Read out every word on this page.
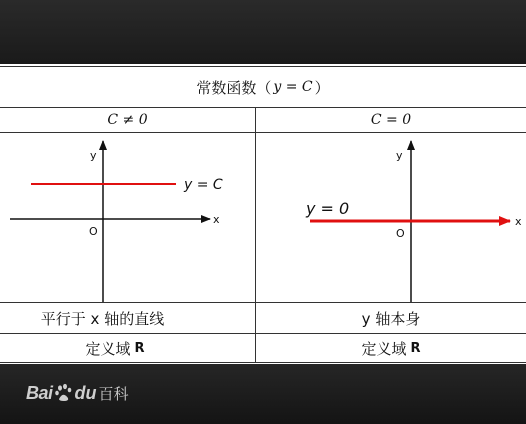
常数函数（ y = C ）
C ≠ 0	C = 0
y
x
O
y = C
y
x
O
y = 0
平行于 x 轴的直线	y 轴本身
定义域 R	定义域 R
Bai du 百科
